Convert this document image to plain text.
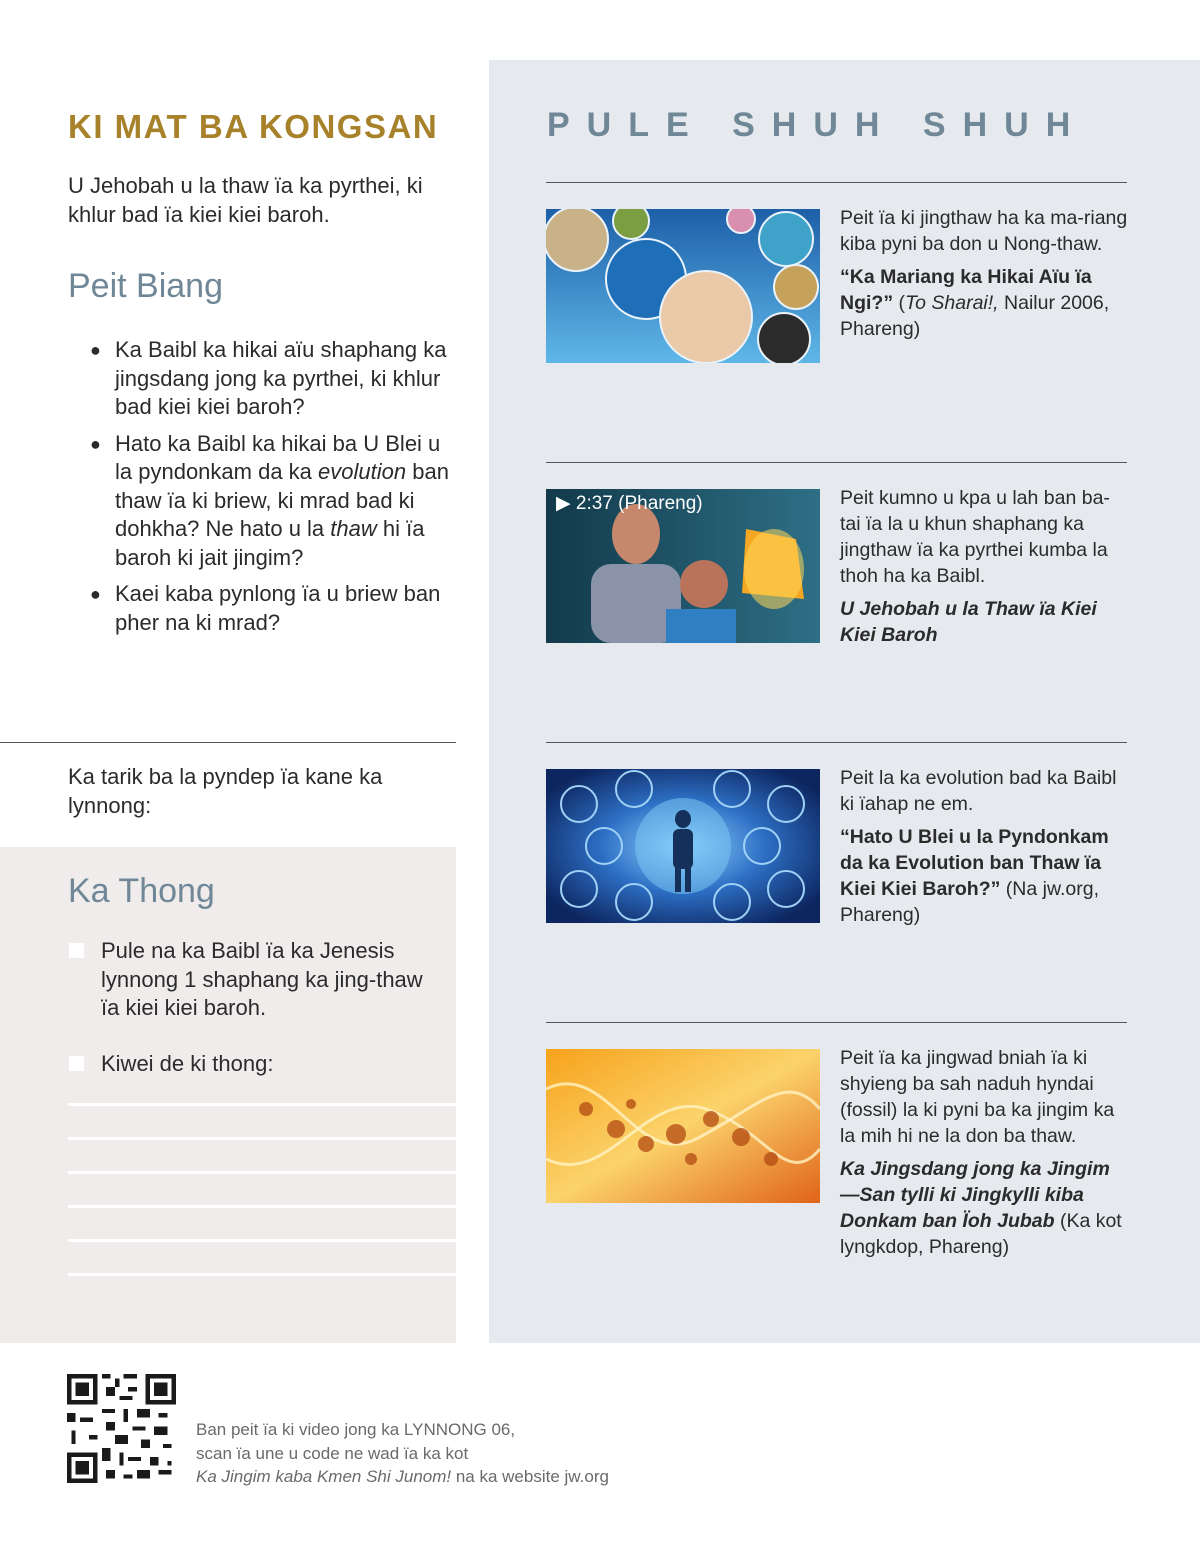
KI MAT BA KONGSAN

U Jehobah u la thaw ïa ka pyrthei, ki khlur bad ïa kiei kiei baroh.

Peit Biang
● Ka Baibl ka hikai aïu shaphang ka jingsdang jong ka pyrthei, ki khlur bad kiei kiei baroh?
● Hato ka Baibl ka hikai ba U Blei u la pyndonkam da ka evolution ban thaw ïa ki briew, ki mrad bad ki dohkha? Ne hato u la thaw hi ïa baroh ki jait jingim?
● Kaei kaba pynlong ïa u briew ban pher na ki mrad?

Ka tarik ba la pyndep ïa kane ka lynnong:

Ka Thong
Pule na ka Baibl ïa ka Jenesis lynnong 1 shaphang ka jing-thaw ïa kiei kiei baroh.
Kiwei de ki thong:
PULE SHUH SHUH

Peit ïa ki jingthaw ha ka ma-riang kiba pyni ba don u Nong-thaw.

“Ka Mariang ka Hikai Aïu ïa Ngi?” (To Sharai!, Nailur 2006, Phareng)

▶ 2:37 (Phareng)	Peit kumno u kpa u lah ban ba-tai ïa la u khun shaphang ka jingthaw ïa ka pyrthei kumba la thoh ha ka Baibl.

U Jehobah u la Thaw ïa Kiei Kiei Baroh

Peit la ka evolution bad ka Baibl ki ïahap ne em.

“Hato U Blei u la Pyndonkam da ka Evolution ban Thaw ïa Kiei Kiei Baroh?” (Na jw.org, Phareng)

Peit ïa ka jingwad bniah ïa ki shyieng ba sah naduh hyndai (fossil) la ki pyni ba ka jingim ka la mih hi ne la don ba thaw.

Ka Jingsdang jong ka Jingim —San tylli ki Jingkylli kiba Donkam ban Ïoh Jubab (Ka kot lyngkdop, Phareng)

Ban peit ïa ki video jong ka LYNNONG 06,

scan ïa une u code ne wad ïa ka kot

Ka Jingim kaba Kmen Shi Junom! na ka website jw.org
